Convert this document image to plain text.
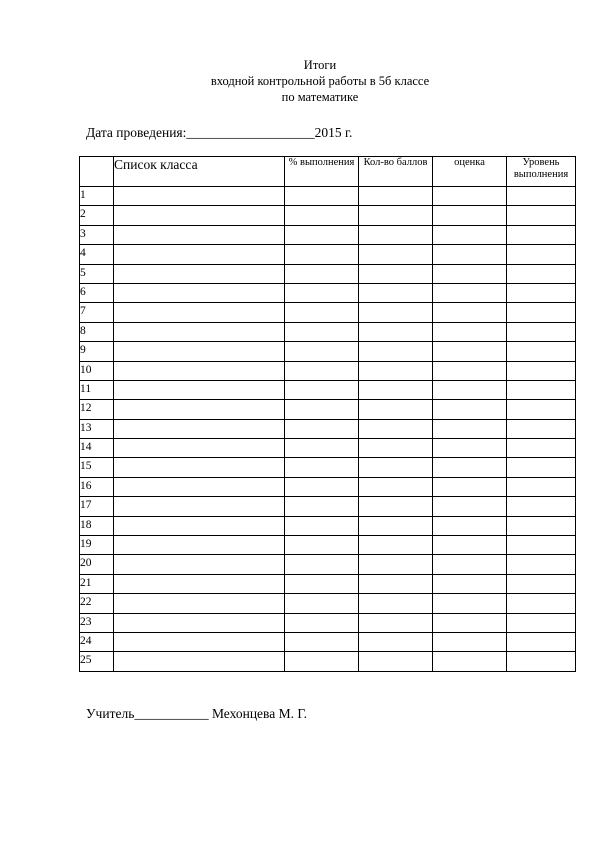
Итоги
входной контрольной работы в 5б классе
по математике
Дата проведения:___________________2015 г.
	Список класса	% выполнения	Кол-во баллов	оценка	Уровень выполнения
1					
2					
3					
4					
5					
6					
7					
8					
9					
10					
11					
12					
13					
14					
15					
16					
17					
18					
19					
20					
21					
22					
23					
24					
25					
Учитель___________ Мехонцева М. Г.
